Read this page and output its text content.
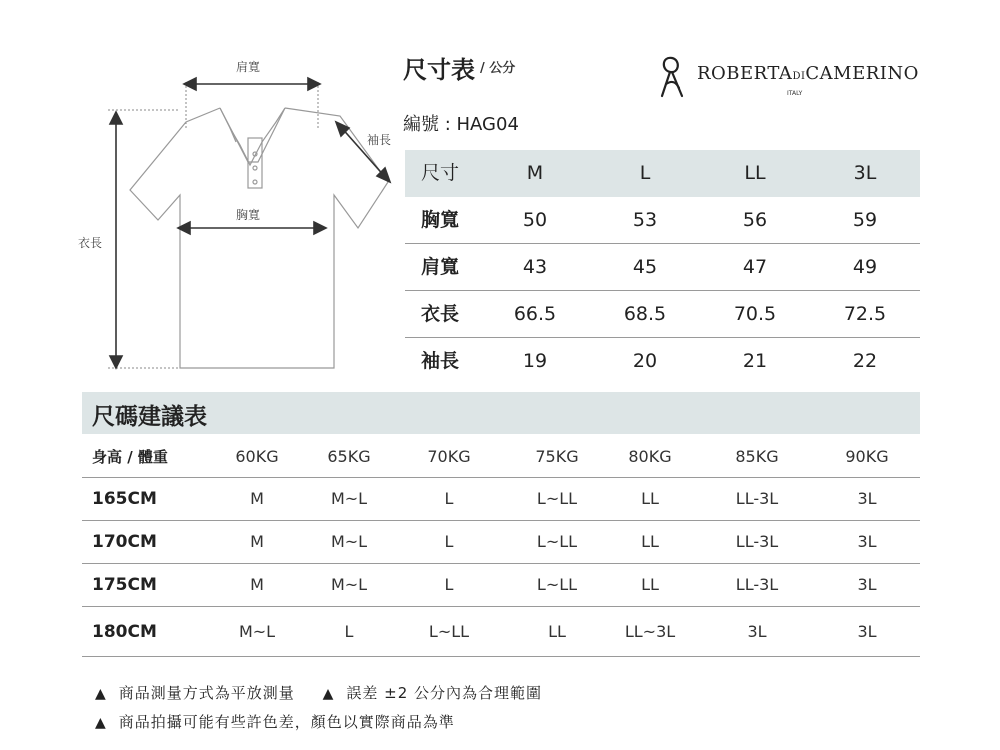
肩寬
袖長
胸寬
衣長
尺寸表 / 公分
編號 : HAG04
ROBERTADICAMERINO
ITALY
尺寸	M	L	LL	3L
胸寬	50	53	56	59
肩寬	43	45	47	49
衣長	66.5	68.5	70.5	72.5
袖長	19	20	21	22
尺碼建議表
身高 / 體重	60KG	65KG	70KG	75KG	80KG	85KG	90KG
165CM	M	M~L	L	L~LL	LL	LL-3L	3L
170CM	M	M~L	L	L~LL	LL	LL-3L	3L
175CM	M	M~L	L	L~LL	LL	LL-3L	3L
180CM	M~L	L	L~LL	LL	LL~3L	3L	3L
▲ 商品測量方式為平放測量 ▲ 誤差 ±2 公分內為合理範圍
▲ 商品拍攝可能有些許色差，顏色以實際商品為準
